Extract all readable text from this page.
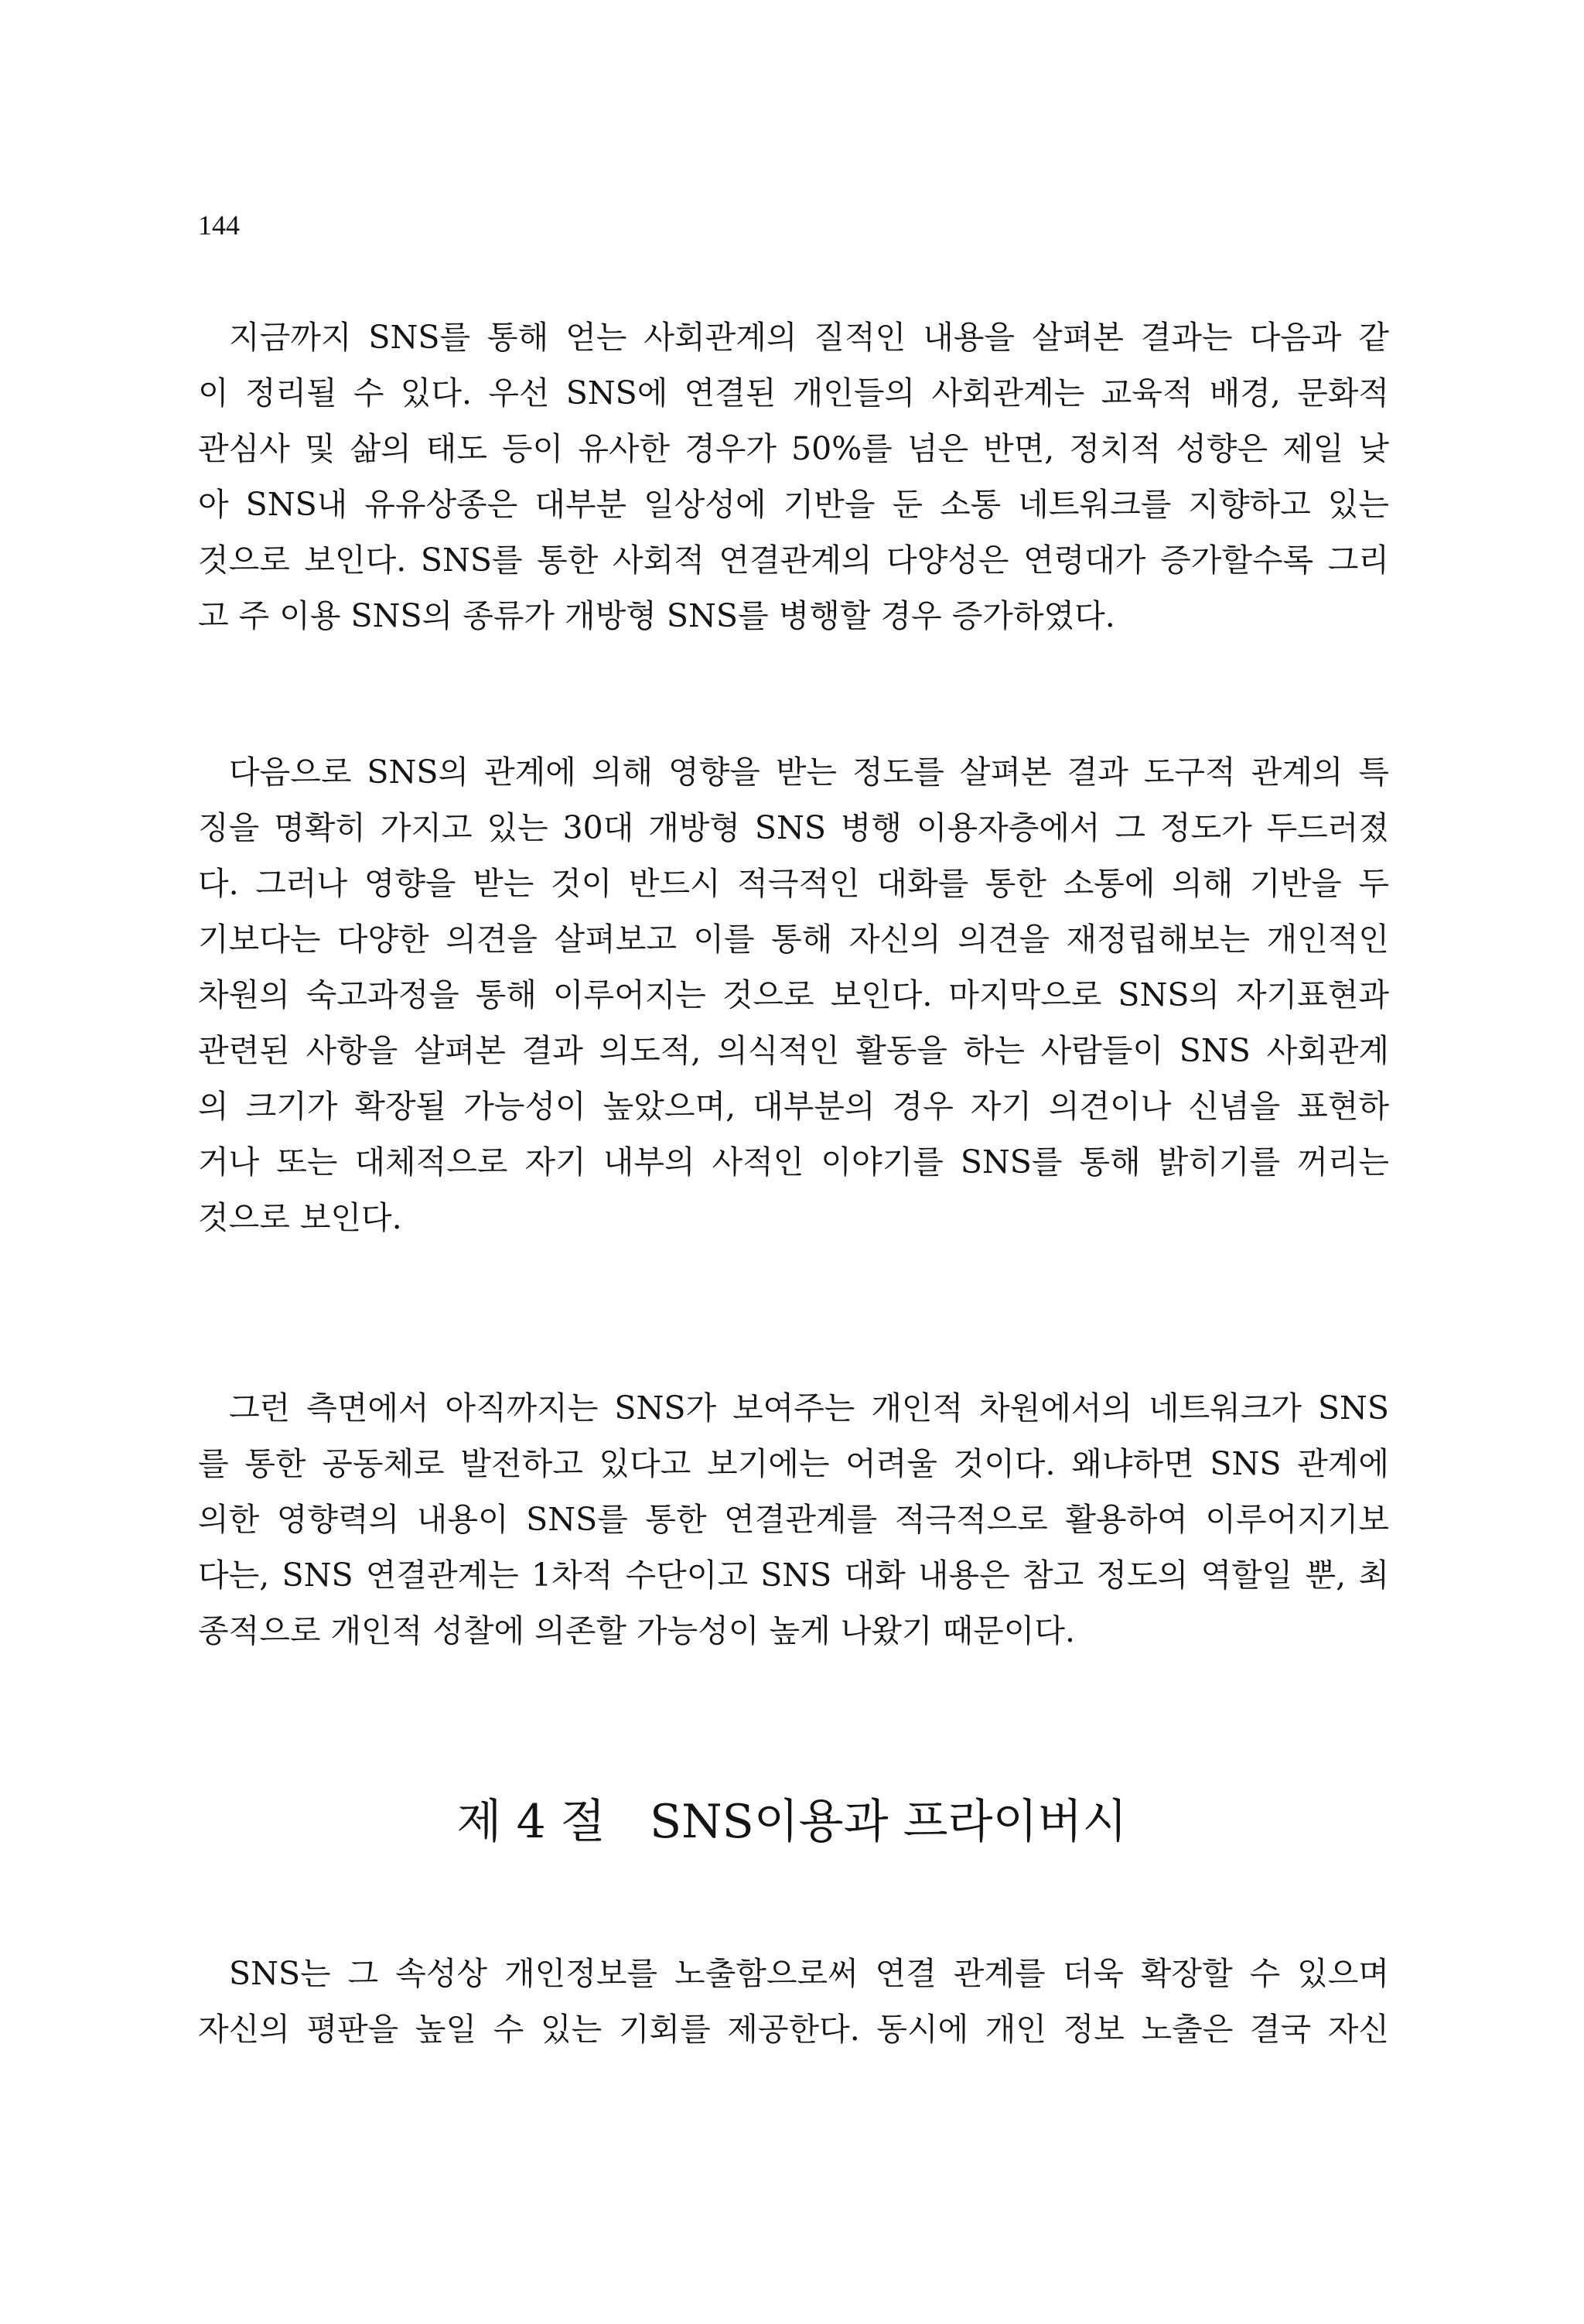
144
지금까지 SNS를 통해 얻는 사회관계의 질적인 내용을 살펴본 결과는 다음과 같
이 정리될 수 있다. 우선 SNS에 연결된 개인들의 사회관계는 교육적 배경, 문화적
관심사 및 삶의 태도 등이 유사한 경우가 50%를 넘은 반면, 정치적 성향은 제일 낮
아 SNS내 유유상종은 대부분 일상성에 기반을 둔 소통 네트워크를 지향하고 있는
것으로 보인다. SNS를 통한 사회적 연결관계의 다양성은 연령대가 증가할수록 그리
고 주 이용 SNS의 종류가 개방형 SNS를 병행할 경우 증가하였다.
다음으로 SNS의 관계에 의해 영향을 받는 정도를 살펴본 결과 도구적 관계의 특
징을 명확히 가지고 있는 30대 개방형 SNS 병행 이용자층에서 그 정도가 두드러졌
다. 그러나 영향을 받는 것이 반드시 적극적인 대화를 통한 소통에 의해 기반을 두
기보다는 다양한 의견을 살펴보고 이를 통해 자신의 의견을 재정립해보는 개인적인
차원의 숙고과정을 통해 이루어지는 것으로 보인다. 마지막으로 SNS의 자기표현과
관련된 사항을 살펴본 결과 의도적, 의식적인 활동을 하는 사람들이 SNS 사회관계
의 크기가 확장될 가능성이 높았으며, 대부분의 경우 자기 의견이나 신념을 표현하
거나 또는 대체적으로 자기 내부의 사적인 이야기를 SNS를 통해 밝히기를 꺼리는
것으로 보인다.
그런 측면에서 아직까지는 SNS가 보여주는 개인적 차원에서의 네트워크가 SNS
를 통한 공동체로 발전하고 있다고 보기에는 어려울 것이다. 왜냐하면 SNS 관계에
의한 영향력의 내용이 SNS를 통한 연결관계를 적극적으로 활용하여 이루어지기보
다는, SNS 연결관계는 1차적 수단이고 SNS 대화 내용은 참고 정도의 역할일 뿐, 최
종적으로 개인적 성찰에 의존할 가능성이 높게 나왔기 때문이다.
제 4 절   SNS이용과 프라이버시
SNS는 그 속성상 개인정보를 노출함으로써 연결 관계를 더욱 확장할 수 있으며
자신의 평판을 높일 수 있는 기회를 제공한다. 동시에 개인 정보 노출은 결국 자신
